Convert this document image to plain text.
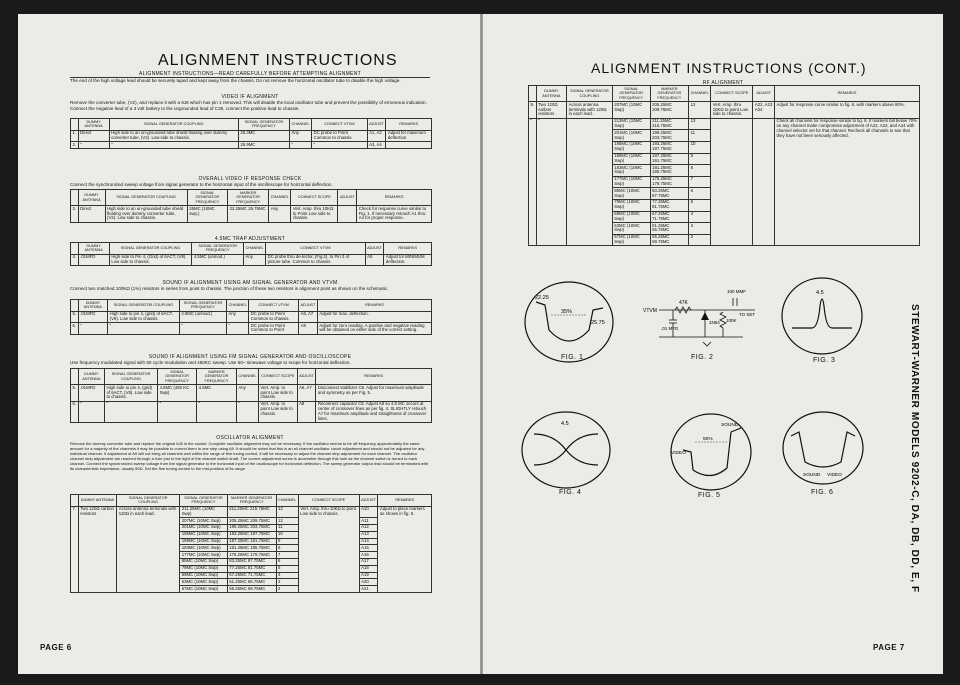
ALIGNMENT INSTRUCTIONS
ALIGNMENT INSTRUCTIONS—READ CAREFULLY BEFORE ATTEMPTING ALIGNMENT
The end of the high voltage lead should be securely taped and kept away from the chassis. Do not remove the horizontal oscillator tube to disable the high voltage.
VIDEO IF ALIGNMENT
Remove the converter tube, (V2), and replace it with a 6J6 which has pin 1 removed. This will disable the local oscillator tube and prevent the possibility of erroneous indication. Connect the negative lead of a 3 volt battery to the ungrounded lead of C36, connect the positive lead to chassis.
	DUMMY ANTENNA	SIGNAL GENERATOR COUPLING	SIGNAL GENERATOR FREQUENCY	CHANNEL	CONNECT VTVM	ADJUST	REMARKS
1.	Direct	High side to an un-grounded tube shield floating over dummy converter tube, (V2). Low side to chassis.	25.3MC	Any	DC probe to Point Common to chassis.	A1, A2	Adjust for maximum deflection
2.	"	"	25.9MC	"	"	A3, A4	
OVERALL VIDEO IF RESPONSE CHECK
Connect the synchronized sweep voltage from signal generator to the horizontal input of the oscilloscope for horizontal deflection.
	DUMMY ANTENNA	SIGNAL GENERATOR COUPLING	SIGNAL GENERATOR FREQUENCY	MARKER GENERATOR FREQUENCY	CHANNEL	CONNECT SCOPE	ADJUST	REMARKS
3.	Direct	High side to an un-grounded tube shield floating over dummy converter tube, (V2). Low side to chassis.	25MC (10MC swp.)	22.25MC 25.75MC	Any	Vert. Amp. thru 10KΩ to Point Low side to chassis.		Check for response curve similar to Fig. 1. If necessary retouch A1 thru A4 for proper response.
4.5MC TRAP ADJUSTMENT
	DUMMY ANTENNA	SIGNAL GENERATOR COUPLING	SIGNAL GENERATOR FREQUENCY	CHANNEL	CONNECT VTVM	ADJUST	REMARKS
4.	.01MFD	High side to Pin 4, (Grid) of 6ACT, (V8). Low side to chassis.	4.5MC (unmod.)	Any	DC probe thru de-tector, (Fig.2), to Pin 2 of picture tube. Common to chassis.	A5	Adjust for MINIMUM deflection.
SOUND IF ALIGNMENT USING AM SIGNAL GENERATOR AND VTVM
Connect two matched 100KΩ (1%) resistors in series from point to chassis. The junction of these two resistors is alignment point as shown on the schematic.
	DUMMY ANTENNA	SIGNAL GENERATOR COUPLING	SIGNAL GENERATOR FREQUENCY	CHANNEL	CONNECT VTVM	ADJUST	REMARKS
5.	.01MFD	High side to pin 4, (grid) of 6ACT, (V8). Low side to chassis.	4.5MC (unmod.)	Any	DC probe to Point Common to chassis.	A6, A7	Adjust for max. deflection.
6.	"	"	"	"	DC probe to Point Common to Point	A8	Adjust for zero reading. A positive and negative reading will be obtained on either side of the correct setting.
SOUND IF ALIGNMENT USING FM SIGNAL GENERATOR AND OSCILLOSCOPE
Use frequency modulated signal with 60 cycle modulation and 450KC sweep. Use 60~ sinewave voltage to scope for horizontal deflection.
	DUMMY ANTENNA	SIGNAL GENERATOR COUPLING	SIGNAL GENERATOR FREQUENCY	MARKER GENERATOR FREQUENCY	CHANNEL	CONNECT SCOPE	ADJUST	REMARKS
5.	.01MFD	High side to pin 4, (grid) of 6ACT, (V8). Low side to chassis.	4.5MC (450 KC Swp)	4.5MC	Any	Vert. Amp. to point Low side to chassis.	A6, A7	Disconnect stabilizer C5. Adjust for maximum amplitude and symmetry as per Fig. 5.
6.	"	"	"	"	"	Vert. Amp. to point Low side to chassis.	A8	Reconnect capacitor C5. Adjust A8 so 4.5 MC occurs at center of crossover lines as per fig. 4. SLIGHTLY retouch A7 for maximum amplitude and straightness of crossover lines.
OSCILLATOR ALIGNMENT
Remove the dummy converter tube and replace the original 6J6 in the socket. Complete oscillator alignment may not be necessary. If the oscillator seems to be off frequency approximately the same amount for a majority of the channels it may be possible to correct them in one step using A9. It should be noted that this is an all channel oscillator circuit adjustment and should not be adjusted for any individual channel. If adjustment of A9 will not bring all channels well within the range of fine tuning control, it will be necessary to adjust the channel strip adjustment for each channel. The oscillator channel strip adjustment are reached through a hole just to the right of the channel switch shaft. The correct adjustment screw is accessible through this hole as the channel switch is turned to each channel. Connect the synchronized sweep voltage from the signal generator to the horizontal input of the oscilloscope for horizontal deflection. The sweep generator output lead should be terminated with its characteristic impedance, usually 60Ω. Set the fine tuning control to the mid-position of its range.
	DUMMY ANTENNA	SIGNAL GENERATOR COUPLING	SIGNAL GENERATOR FREQUENCY	MARKER GENERATOR FREQUENCY	CHANNEL	CONNECT SCOPE	ADJUST	REMARKS
7.	Two 120Ω carbon resistors	Across antenna terminals with 120Ω in each lead.	211.25MC (10MC Swp)	211.25MC 215.75MC	13	Vert. Amp. thru 10KΩ to point Low side to chassis.	A10	Adjust to place markers as shown in fig. 5.
			207MC (10MC Swp)	205.25MC 209.75MC	12		A11	
			201MC (10MC Swp)	199.25MC 203.75MC	11		A12	
			195MC (10MC Swp)	193.25MC 197.75MC	10		A13	
			189MC (10MC Swp)	187.25MC 191.75MC	9		A14	
			183MC (10MC Swp)	181.25MC 185.75MC	8		A15	
			177MC (10MC Swp)	175.25MC 179.75MC	7		A16	
			85MC (10MC Swp)	83.25MC 87.75MC	6		A17	
			79MC (10MC Swp)	77.25MC 81.75MC	5		A18	
			69MC (10MC Swp)	67.25MC 71.75MC	4		A19	
			63MC (10MC Swp)	61.25MC 65.75MC	3		A20	
			57MC (10MC Swp)	55.25MC 59.75MC	2		A21	
PAGE 6
ALIGNMENT INSTRUCTIONS (CONT.)
RF ALIGNMENT
	DUMMY ANTENNA	SIGNAL GENERATOR COUPLING	SIGNAL GENERATOR FREQUENCY	MARKER GENERATOR FREQUENCY	CHANNEL	CONNECT SCOPE	ADJUST	REMARKS
8.	Two 120Ω carbon resistors	Across antenna terminals with 120Ω in each lead.	207MC (10MC Swp)	205.25MC 209.75MC	12	Vert. Amp. thru 10KΩ to point Low side to chassis.	A22, A23 A24	Adjust for response curve similar to fig. 6, with markers above 80%.
"	"		213MC (10MC Swp)	211.25MC 215.75MC	13			Check all channels for response similar to fig. 6. If markers fall below 70% on any channel make compromise adjustment of A22, A23, and A24 with channel selector set for that channel. Recheck all channels to see that they have not been seriously affected.
			201MC (10MC Swp)	199.25MC 203.75MC	11			
			195MC (10MC Swp)	193.25MC 197.75MC	10			
			189MC (10MC Swp)	187.25MC 191.75MC	9			
			183MC (10MC Swp)	181.25MC 185.75MC	8			
			177MC (10MC Swp)	175.25MC 179.75MC	7			
			85MC (10MC Swp)	83.25MC 87.75MC	6			
			79MC (10MC Swp)	77.25MC 81.75MC	5			
			69MC (10MC Swp)	67.25MC 71.75MC	4			
			63MC (10MC Swp)	61.25MC 65.75MC	3			
			57MC (10MC Swp)	55.25MC 59.75MC	2			
22.25
25.75
35%
FIG. 1
VTVM
47K
.01 MFD
1N64 100K
100 MMF
TO SET
FIG. 2
4.5
FIG. 3
4.5
FIG. 4
SOUND
VIDEO
50%
FIG. 5
SOUND VIDEO
FIG. 6	STEWART-WARNER MODELS 9202-C, DA, DB, DD, E, F
PAGE 7
